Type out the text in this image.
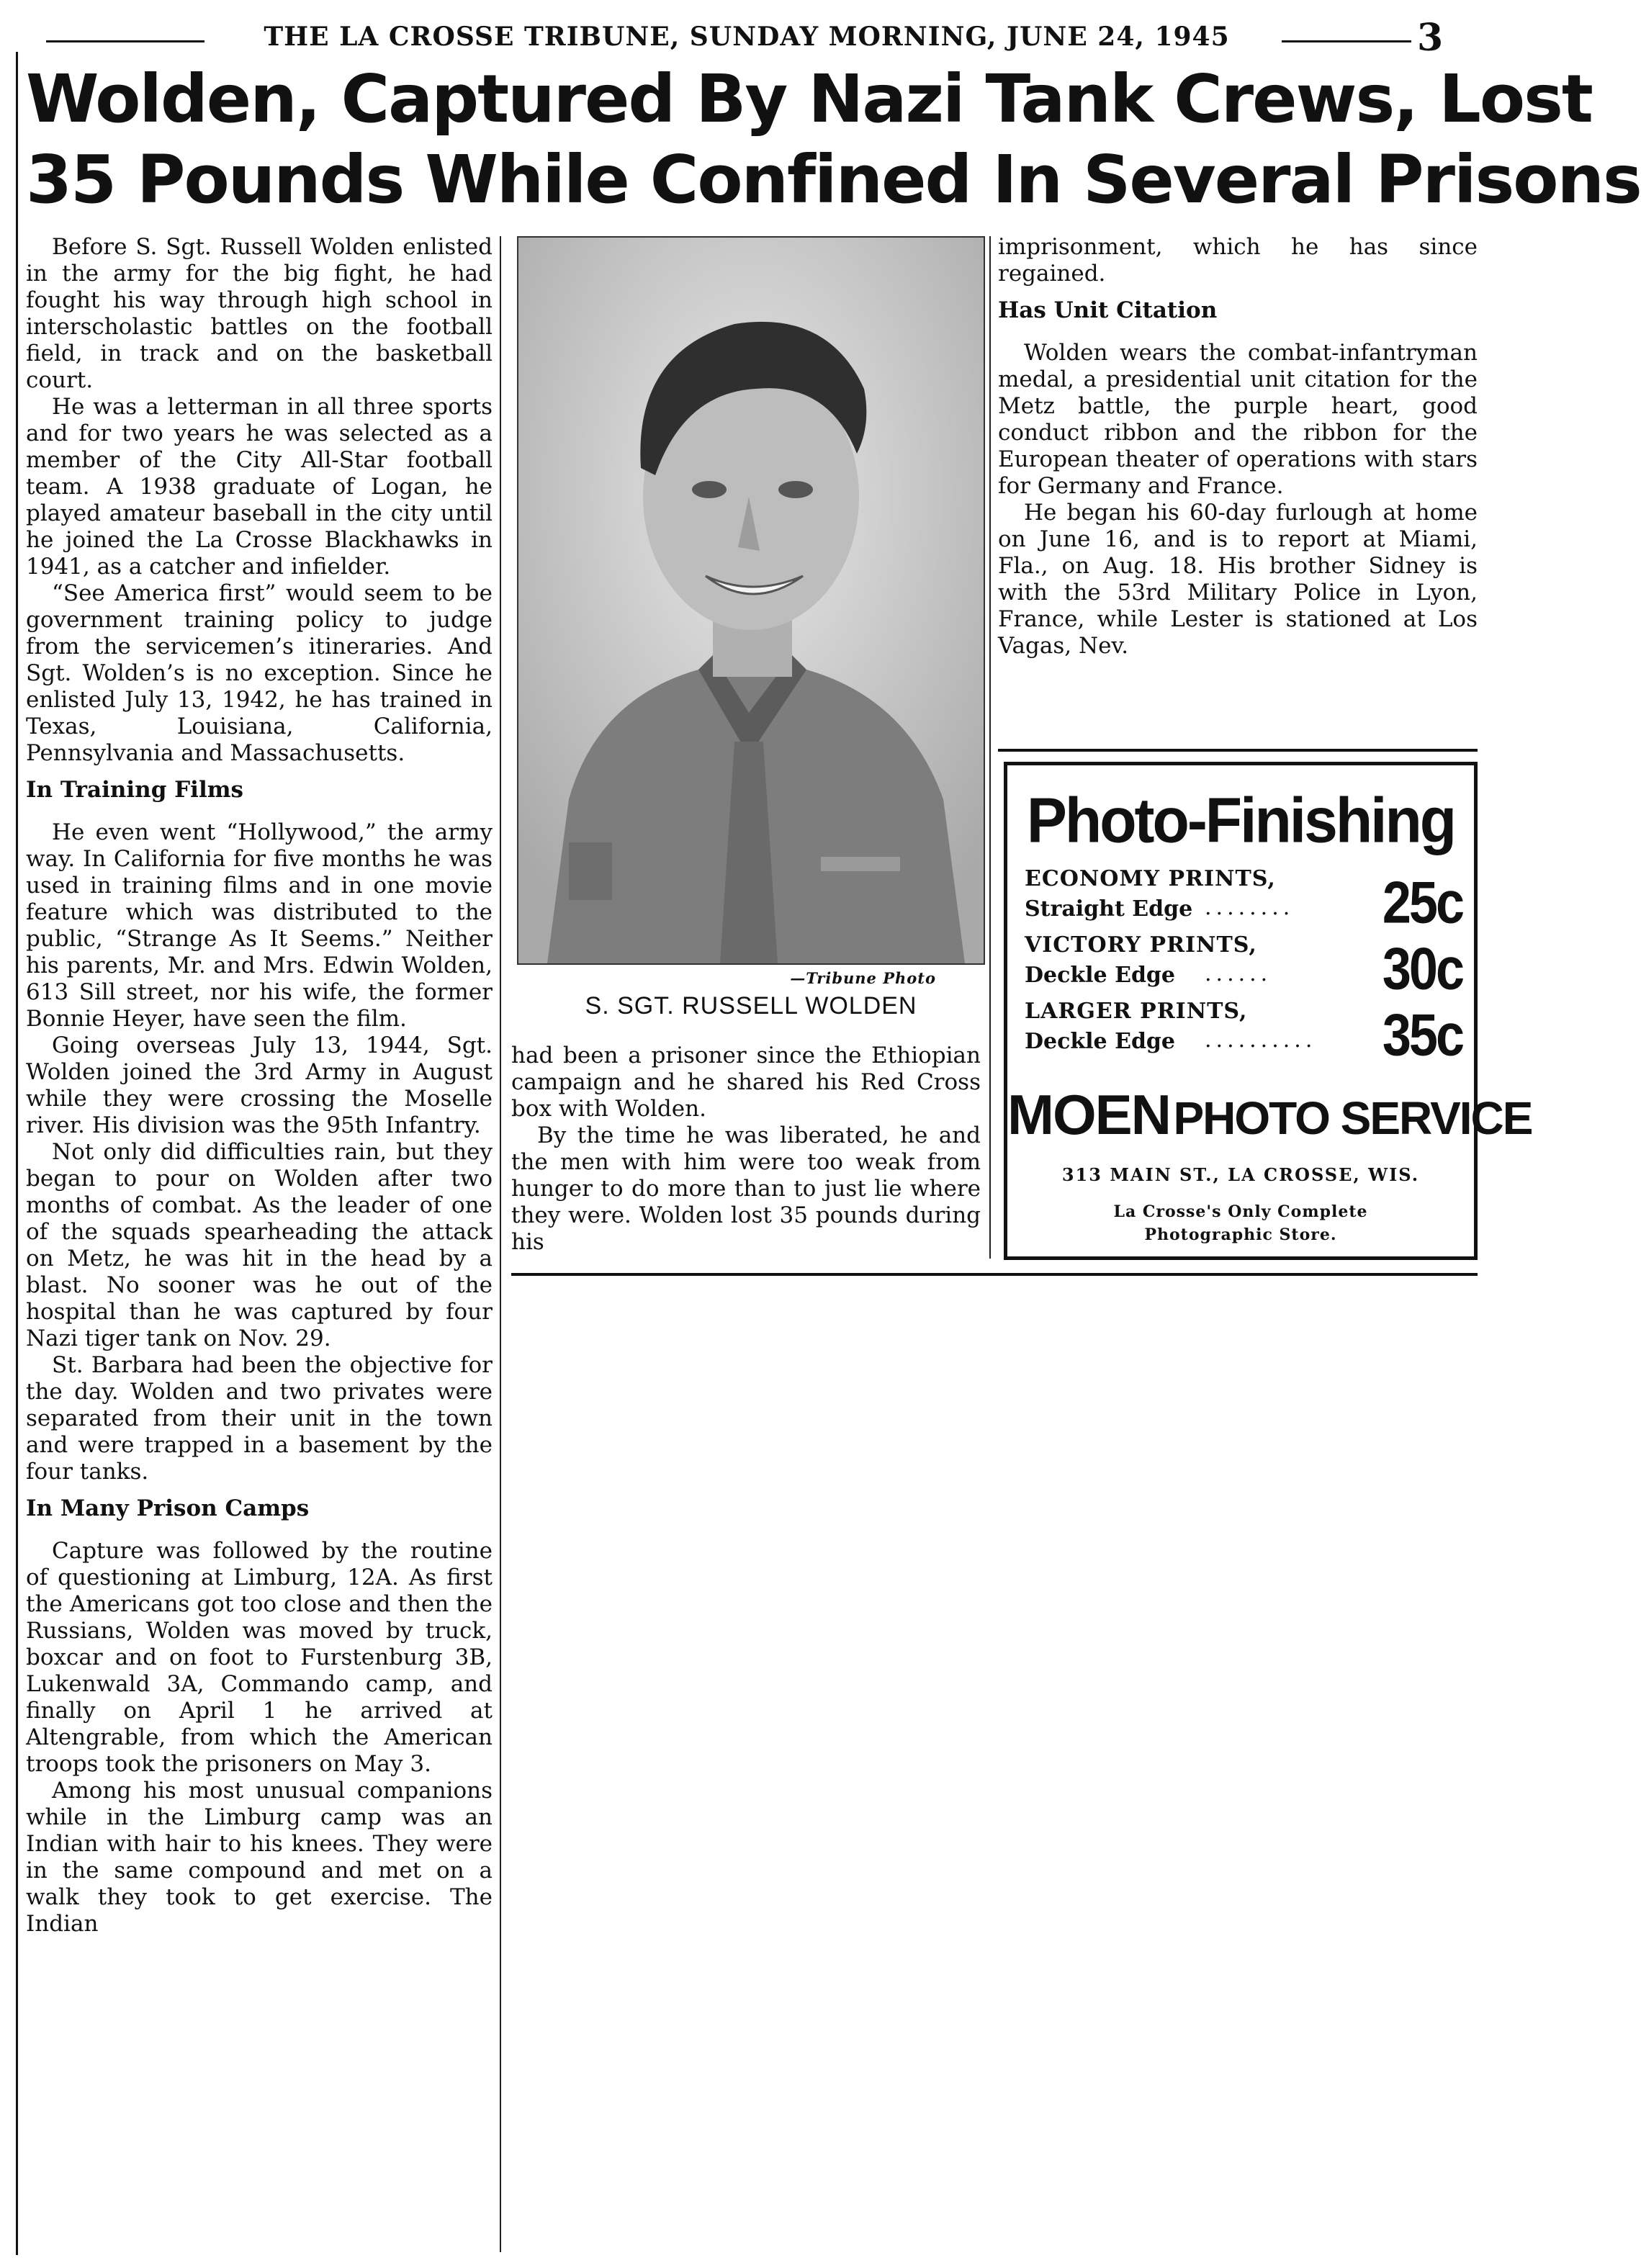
THE LA CROSSE TRIBUNE, SUNDAY MORNING, JUNE 24, 1945	3
Wolden, Captured By Nazi Tank Crews, Lost
35 Pounds While Confined In Several Prisons

Before S. Sgt. Russell Wolden enlisted in the army for the big fight, he had fought his way through high school in interscholastic battles on the football field, in track and on the basketball court.

He was a letterman in all three sports and for two years he was selected as a member of the City All-Star football team. A 1938 graduate of Logan, he played amateur baseball in the city until he joined the La Crosse Blackhawks in 1941, as a catcher and infielder.

“See America first” would seem to be government training policy to judge from the servicemen’s itineraries. And Sgt. Wolden’s is no exception. Since he enlisted July 13, 1942, he has trained in Texas, Louisiana, California, Pennsylvania and Massachusetts.

In Training Films

He even went “Hollywood,” the army way. In California for five months he was used in training films and in one movie feature which was distributed to the public, “Strange As It Seems.” Neither his parents, Mr. and Mrs. Edwin Wolden, 613 Sill street, nor his wife, the former Bonnie Heyer, have seen the film.

Going overseas July 13, 1944, Sgt. Wolden joined the 3rd Army in August while they were crossing the Moselle river. His division was the 95th Infantry.

Not only did difficulties rain, but they began to pour on Wolden after two months of combat. As the leader of one of the squads spearheading the attack on Metz, he was hit in the head by a blast. No sooner was he out of the hospital than he was captured by four Nazi tiger tank on Nov. 29.

St. Barbara had been the objective for the day. Wolden and two privates were separated from their unit in the town and were trapped in a basement by the four tanks.

In Many Prison Camps

Capture was followed by the routine of questioning at Limburg, 12A. As first the Americans got too close and then the Russians, Wolden was moved by truck, boxcar and on foot to Furstenburg 3B, Lukenwald 3A, Commando camp, and finally on April 1 he arrived at Altengrable, from which the American troops took the prisoners on May 3.

Among his most unusual companions while in the Limburg camp was an Indian with hair to his knees. They were in the same compound and met on a walk they took to get exercise. The Indian

—Tribune Photo
S. SGT. RUSSELL WOLDEN

had been a prisoner since the Ethiopian campaign and he shared his Red Cross box with Wolden.

By the time he was liberated, he and the men with him were too weak from hunger to do more than to just lie where they were. Wolden lost 35 pounds during his

imprisonment, which he has since regained.

Has Unit Citation

Wolden wears the combat-infantryman medal, a presidential unit citation for the Metz battle, the purple heart, good conduct ribbon and the ribbon for the European theater of operations with stars for Germany and France.

He began his 60-day furlough at home on June 16, and is to report at Miami, Fla., on Aug. 18. His brother Sidney is with the 53rd Military Police in Lyon, France, while Lester is stationed at Los Vagas, Nev.

Photo-Finishing
ECONOMY PRINTS,
Straight Edge ........ 25c
VICTORY PRINTS,
Deckle Edge ...... 30c
LARGER PRINTS,
Deckle Edge .......... 35c
MOEN PHOTO SERVICE
313 MAIN ST., LA CROSSE, WIS.
La Crosse's Only Complete
Photographic Store.
